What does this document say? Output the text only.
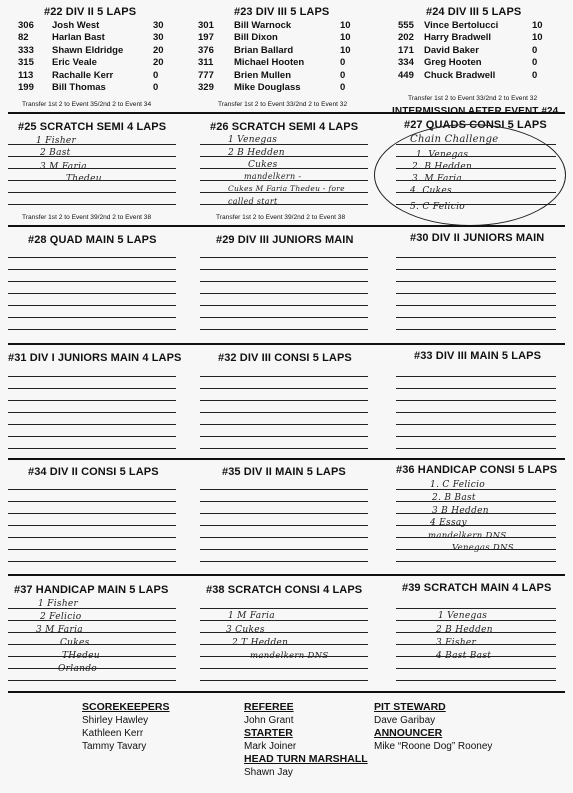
#22 DIV II 5 LAPS	#23 DIV III 5 LAPS	#24 DIV III 5 LAPS
306 Josh West	30
82 Harlan Bast	30
333 Shawn Eldridge	20
315 Eric Veale	20
113 Rachalle Kerr	0
199 Bill Thomas	0
301 Bill Warnock	10
197 Bill Dixon	10
376 Brian Ballard	10
311 Michael Hooten	0
777 Brien Mullen	0
329 Mike Douglass	0
555 Vince Bertolucci	10
202 Harry Bradwell	10
171 David Baker	0
334 Greg Hooten	0
449 Chuck Bradwell	0
Transfer 1st 2 to Event 35/2nd 2 to Event 34	Transfer 1st 2 to Event 33/2nd 2 to Event 32
Transfer 1st 2 to Event 33/2nd 2 to Event 32
#25 SCRATCH SEMI 4 LAPS	#26 SCRATCH SEMI 4 LAPS	#27 QUADS CONSI 5 LAPS
1 Fisher
2 Bast
3 M Faria
Thedeu
1 Venegas
2 B Hedden
Cukes
mandelkern -
Cukes M Faria Thedeu - fore
called start
Chain Challenge
1. Venegas
2. B Hedden
3. M Faria
4. Cukes
5. C Felicio
Transfer 1st 2 to Event 39/2nd 2 to Event 38	Transfer 1st 2 to Event 39/2nd 2 to Event 38
#28 QUAD MAIN 5 LAPS	#29 DIV III JUNIORS MAIN	#30 DIV II JUNIORS MAIN
#31 DIV I JUNIORS MAIN 4 LAPS	#32 DIV III CONSI 5 LAPS	#33 DIV III MAIN 5 LAPS
#34 DIV II CONSI 5 LAPS	#35 DIV II MAIN 5 LAPS	#36 HANDICAP CONSI 5 LAPS
1. C Felicio
2. B Bast
3 B Hedden
4 Essay
mandelkern DNS
Venegas DNS
#37 HANDICAP MAIN 5 LAPS	#38 SCRATCH CONSI 4 LAPS	#39 SCRATCH MAIN 4 LAPS
1 Fisher
2 Felicio
3 M Faria
Cukes
THedeu
Orlando
1 M Faria
3 Cukes
2 T Hedden
mandelkern DNS
1 Venegas
2 B Hedden
3 Fisher
4 Bast Bast
SCOREKEEPERS
Shirley Hawley
Kathleen Kerr
Tammy Tavary
REFEREE
John Grant
STARTER
Mark Joiner
HEAD TURN MARSHALL
Shawn Jay
PIT STEWARD
Dave Garibay
ANNOUNCER
Mike “Roone Dog” Rooney
